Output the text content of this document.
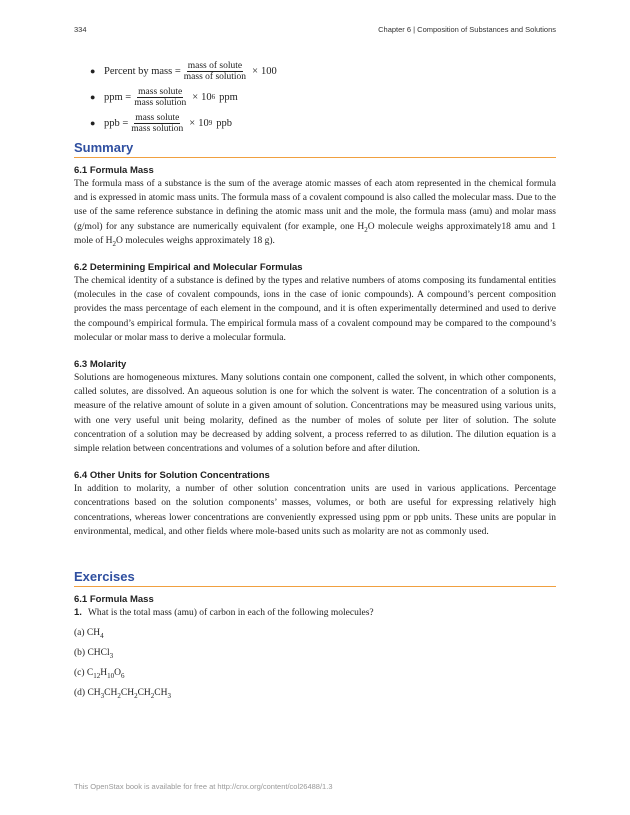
334	Chapter 6 | Composition of Substances and Solutions
● Percent by mass = $\frac{\text{mass of solute}}{\text{mass of solution}} \times 100$
● ppm = $\frac{\text{mass solute}}{\text{mass solution}} \times 10$ 6 ppm
● ppb = $\frac{\text{mass solute}}{\text{mass solution}} \times 10$ 9 ppb
Summary
6.1 Formula Mass
The formula mass of a substance is the sum of the average atomic masses of each atom represented in the chemical formula and is expressed in atomic mass units. The formula mass of a covalent compound is also called the molecular mass. Due to the use of the same reference substance in defining the atomic mass unit and the mole, the formula mass (amu) and molar mass (g/mol) for any substance are numerically equivalent (for example, one $H_2O$ molecule weighs approximately18 amu and 1 mole of $H_2O$ molecules weighs approximately 18 g).
6.2 Determining Empirical and Molecular Formulas
The chemical identity of a substance is defined by the types and relative numbers of atoms composing its fundamental entities (molecules in the case of covalent compounds, ions in the case of ionic compounds). A compound’s percent composition provides the mass percentage of each element in the compound, and it is often experimentally determined and used to derive the compound’s empirical formula. The empirical formula mass of a covalent compound may be compared to the compound’s molecular or molar mass to derive a molecular formula.
6.3 Molarity
Solutions are homogeneous mixtures. Many solutions contain one component, called the solvent, in which other components, called solutes, are dissolved. An aqueous solution is one for which the solvent is water. The concentration of a solution is a measure of the relative amount of solute in a given amount of solution. Concentrations may be measured using various units, with one very useful unit being molarity, defined as the number of moles of solute per liter of solution. The solute concentration of a solution may be decreased by adding solvent, a process referred to as dilution. The dilution equation is a simple relation between concentrations and volumes of a solution before and after dilution.
6.4 Other Units for Solution Concentrations
In addition to molarity, a number of other solution concentration units are used in various applications. Percentage concentrations based on the solution components’ masses, volumes, or both are useful for expressing relatively high concentrations, whereas lower concentrations are conveniently expressed using ppm or ppb units. These units are popular in environmental, medical, and other fields where mole-based units such as molarity are not as commonly used.
Exercises
6.1 Formula Mass
1. What is the total mass (amu) of carbon in each of the following molecules?
(a) $CH_4$
(b) CHCl$_3$
(c) $C_{12}H_{10}O_6$
(d) $CH_3CH_2CH_2CH_2CH_3$
This OpenStax book is available for free at http://cnx.org/content/col26488/1.3
